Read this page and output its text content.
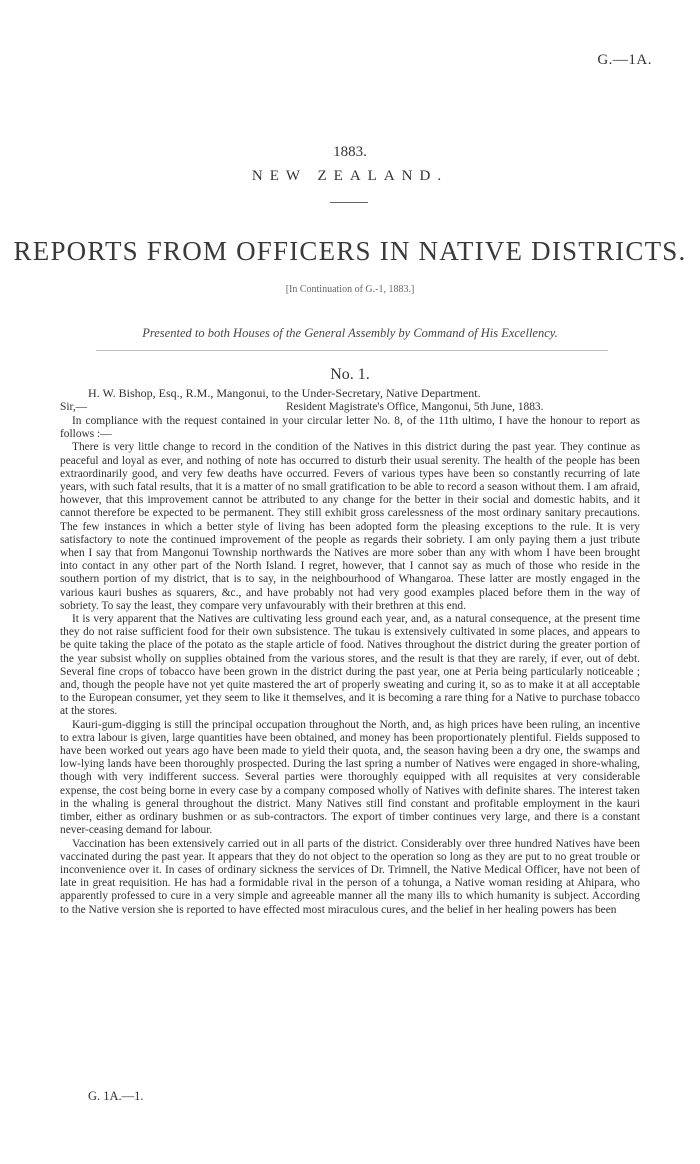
G.—1A.
1883.
NEW ZEALAND.
REPORTS FROM OFFICERS IN NATIVE DISTRICTS.
[In Continuation of G.-1, 1883.]
Presented to both Houses of the General Assembly by Command of His Excellency.
No. 1.
H. W. Bishop, Esq., R.M., Mangonui, to the Under-Secretary, Native Department.
Sir,—	Resident Magistrate's Office, Mangonui, 5th June, 1883.

In compliance with the request contained in your circular letter No. 8, of the 11th ultimo, I have the honour to report as follows :—

There is very little change to record in the condition of the Natives in this district during the past year. They continue as peaceful and loyal as ever, and nothing of note has occurred to disturb their usual serenity. The health of the people has been extraordinarily good, and very few deaths have occurred. Fevers of various types have been so constantly recurring of late years, with such fatal results, that it is a matter of no small gratification to be able to record a season without them. I am afraid, however, that this improvement cannot be attributed to any change for the better in their social and domestic habits, and it cannot therefore be expected to be permanent. They still exhibit gross carelessness of the most ordinary sanitary precautions. The few instances in which a better style of living has been adopted form the pleasing exceptions to the rule. It is very satisfactory to note the continued improvement of the people as regards their sobriety. I am only paying them a just tribute when I say that from Mangonui Township northwards the Natives are more sober than any with whom I have been brought into contact in any other part of the North Island. I regret, however, that I cannot say as much of those who reside in the southern portion of my district, that is to say, in the neighbourhood of Whangaroa. These latter are mostly engaged in the various kauri bushes as squarers, &c., and have probably not had very good examples placed before them in the way of sobriety. To say the least, they compare very unfavourably with their brethren at this end.

It is very apparent that the Natives are cultivating less ground each year, and, as a natural consequence, at the present time they do not raise sufficient food for their own subsistence. The tukau is extensively cultivated in some places, and appears to be quite taking the place of the potato as the staple article of food. Natives throughout the district during the greater portion of the year subsist wholly on supplies obtained from the various stores, and the result is that they are rarely, if ever, out of debt. Several fine crops of tobacco have been grown in the district during the past year, one at Peria being particularly noticeable ; and, though the people have not yet quite mastered the art of properly sweating and curing it, so as to make it at all acceptable to the European consumer, yet they seem to like it themselves, and it is becoming a rare thing for a Native to purchase tobacco at the stores.

Kauri-gum-digging is still the principal occupation throughout the North, and, as high prices have been ruling, an incentive to extra labour is given, large quantities have been obtained, and money has been proportionately plentiful. Fields supposed to have been worked out years ago have been made to yield their quota, and, the season having been a dry one, the swamps and low-lying lands have been thoroughly prospected. During the last spring a number of Natives were engaged in shore-whaling, though with very indifferent success. Several parties were thoroughly equipped with all requisites at very considerable expense, the cost being borne in every case by a company composed wholly of Natives with definite shares. The interest taken in the whaling is general throughout the district. Many Natives still find constant and profitable employment in the kauri timber, either as ordinary bushmen or as sub-contractors. The export of timber continues very large, and there is a constant never-ceasing demand for labour.

Vaccination has been extensively carried out in all parts of the district. Considerably over three hundred Natives have been vaccinated during the past year. It appears that they do not object to the operation so long as they are put to no great trouble or inconvenience over it. In cases of ordinary sickness the services of Dr. Trimnell, the Native Medical Officer, have not been of late in great requisition. He has had a formidable rival in the person of a tohunga, a Native woman residing at Ahipara, who apparently professed to cure in a very simple and agreeable manner all the many ills to which humanity is subject. According to the Native version she is reported to have effected most miraculous cures, and the belief in her healing powers has been

G. 1A.—1.
